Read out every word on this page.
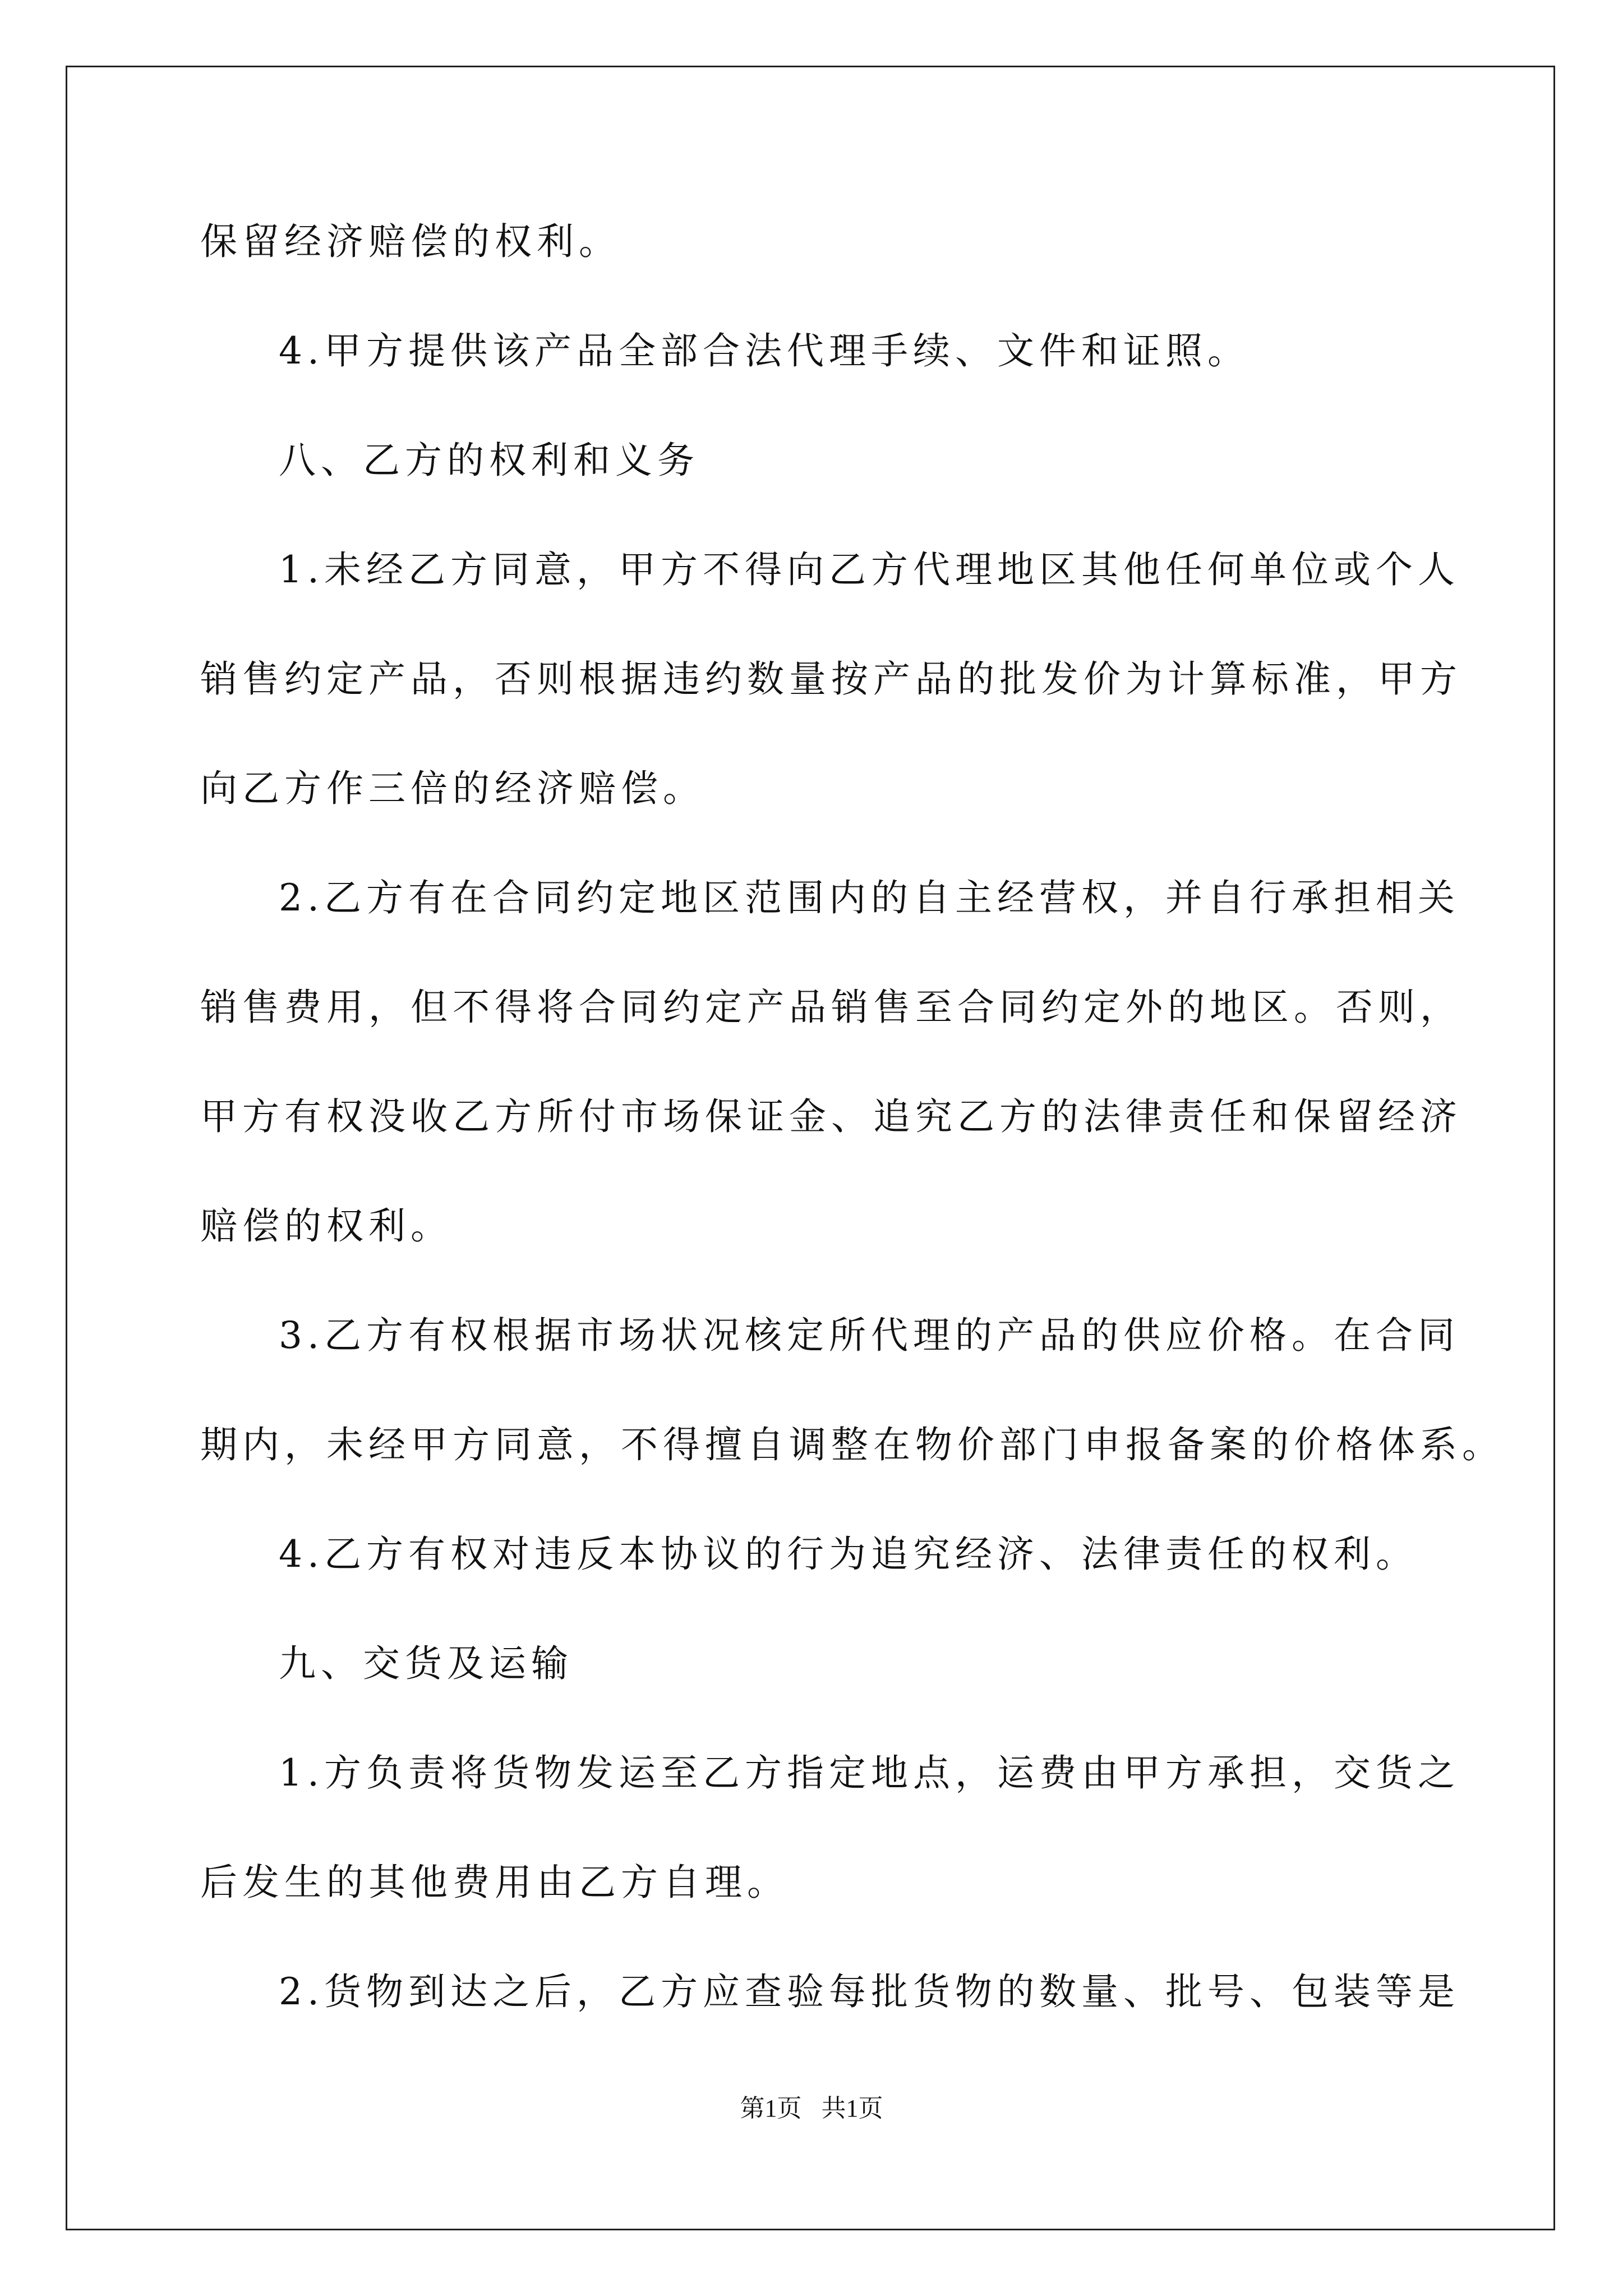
保留经济赔偿的权利。
4.甲方提供该产品全部合法代理手续、文件和证照。
八、乙方的权利和义务
1.未经乙方同意，甲方不得向乙方代理地区其他任何单位或个人
销售约定产品，否则根据违约数量按产品的批发价为计算标准，甲方
向乙方作三倍的经济赔偿。
2.乙方有在合同约定地区范围内的自主经营权，并自行承担相关
销售费用，但不得将合同约定产品销售至合同约定外的地区。否则，
甲方有权没收乙方所付市场保证金、追究乙方的法律责任和保留经济
赔偿的权利。
3.乙方有权根据市场状况核定所代理的产品的供应价格。在合同
期内，未经甲方同意，不得擅自调整在物价部门申报备案的价格体系。
4.乙方有权对违反本协议的行为追究经济、法律责任的权利。
九、交货及运输
1.方负责将货物发运至乙方指定地点，运费由甲方承担，交货之
后发生的其他费用由乙方自理。
2.货物到达之后，乙方应查验每批货物的数量、批号、包装等是
第1页 共1页
